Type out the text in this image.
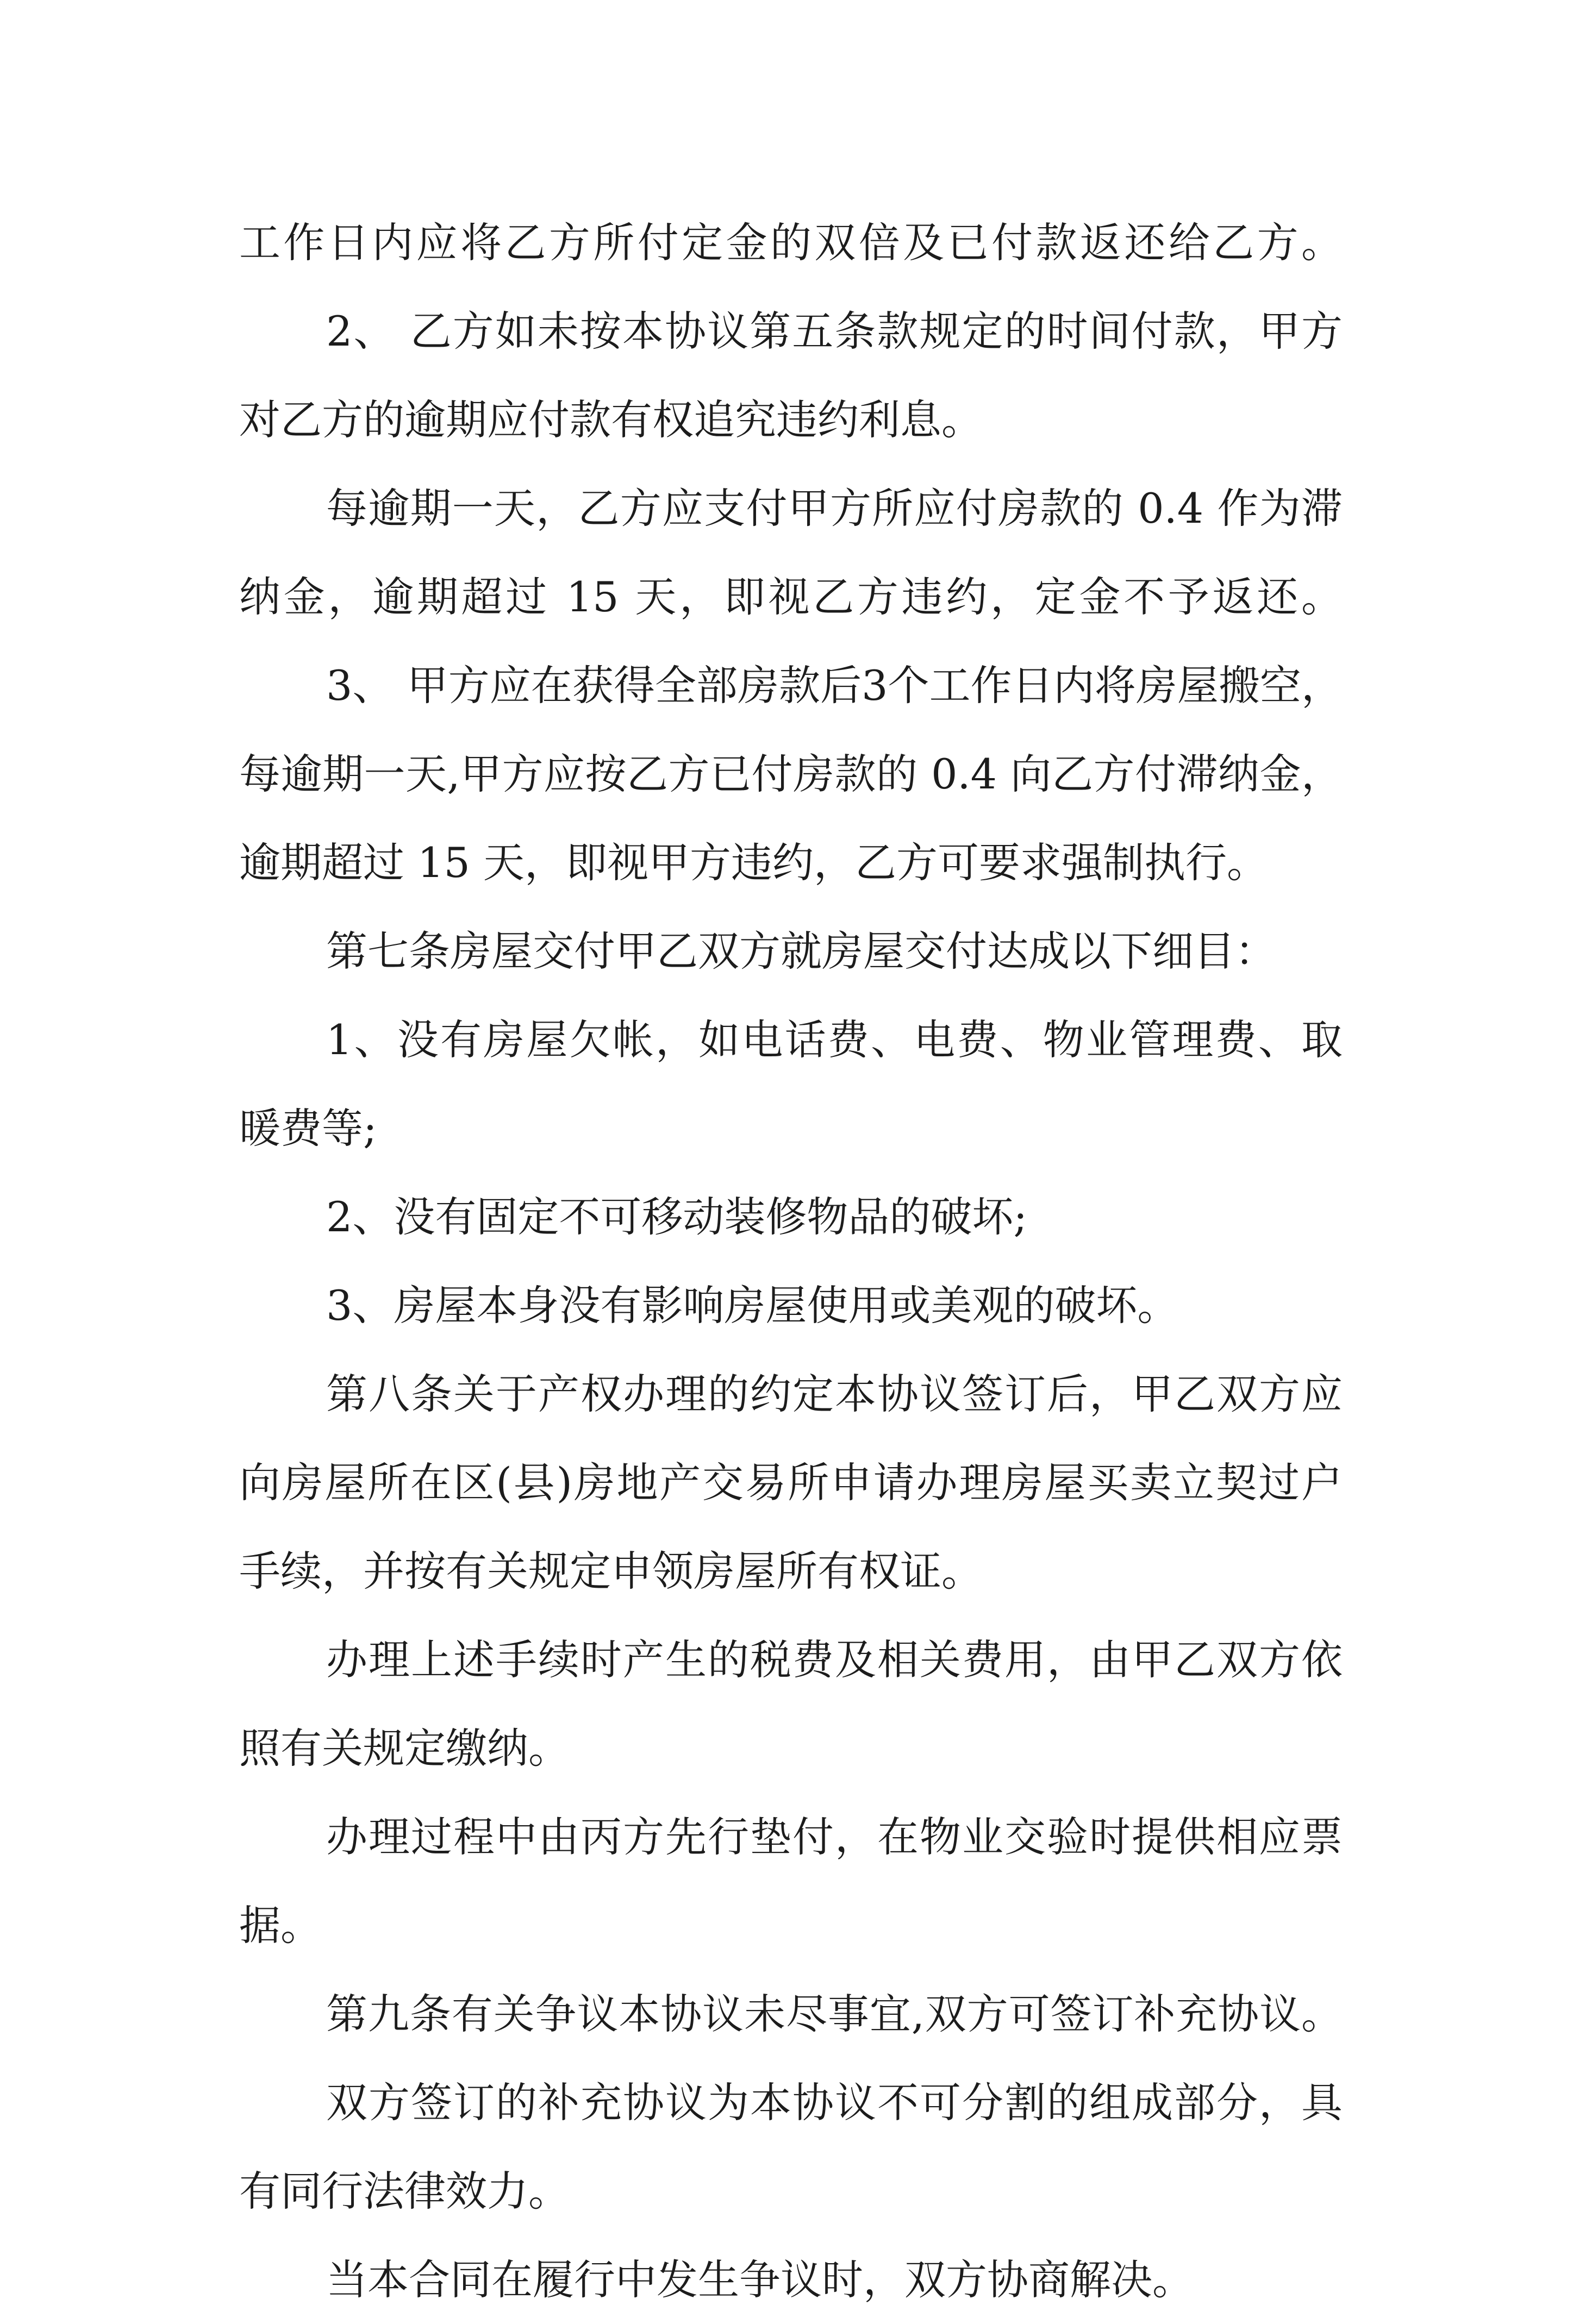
工作日内应将乙方所付定金的双倍及已付款返还给乙方。
2、 乙方如未按本协议第五条款规定的时间付款，甲方
对乙方的逾期应付款有权追究违约利息。
每逾期一天，乙方应支付甲方所应付房款的 0.4 作为滞
纳金，逾期超过 15 天，即视乙方违约，定金不予返还。
3、 甲方应在获得全部房款后3个工作日内将房屋搬空，
每逾期一天,甲方应按乙方已付房款的 0.4 向乙方付滞纳金，
逾期超过 15 天，即视甲方违约，乙方可要求强制执行。
第七条房屋交付甲乙双方就房屋交付达成以下细目：
1、没有房屋欠帐，如电话费、电费、物业管理费、取
暖费等;
2、没有固定不可移动装修物品的破坏;
3、房屋本身没有影响房屋使用或美观的破坏。
第八条关于产权办理的约定本协议签订后，甲乙双方应
向房屋所在区(县)房地产交易所申请办理房屋买卖立契过户
手续，并按有关规定申领房屋所有权证。
办理上述手续时产生的税费及相关费用，由甲乙双方依
照有关规定缴纳。
办理过程中由丙方先行垫付，在物业交验时提供相应票
据。
第九条有关争议本协议未尽事宜,双方可签订补充协议。
双方签订的补充协议为本协议不可分割的组成部分，具
有同行法律效力。
当本合同在履行中发生争议时，双方协商解决。
